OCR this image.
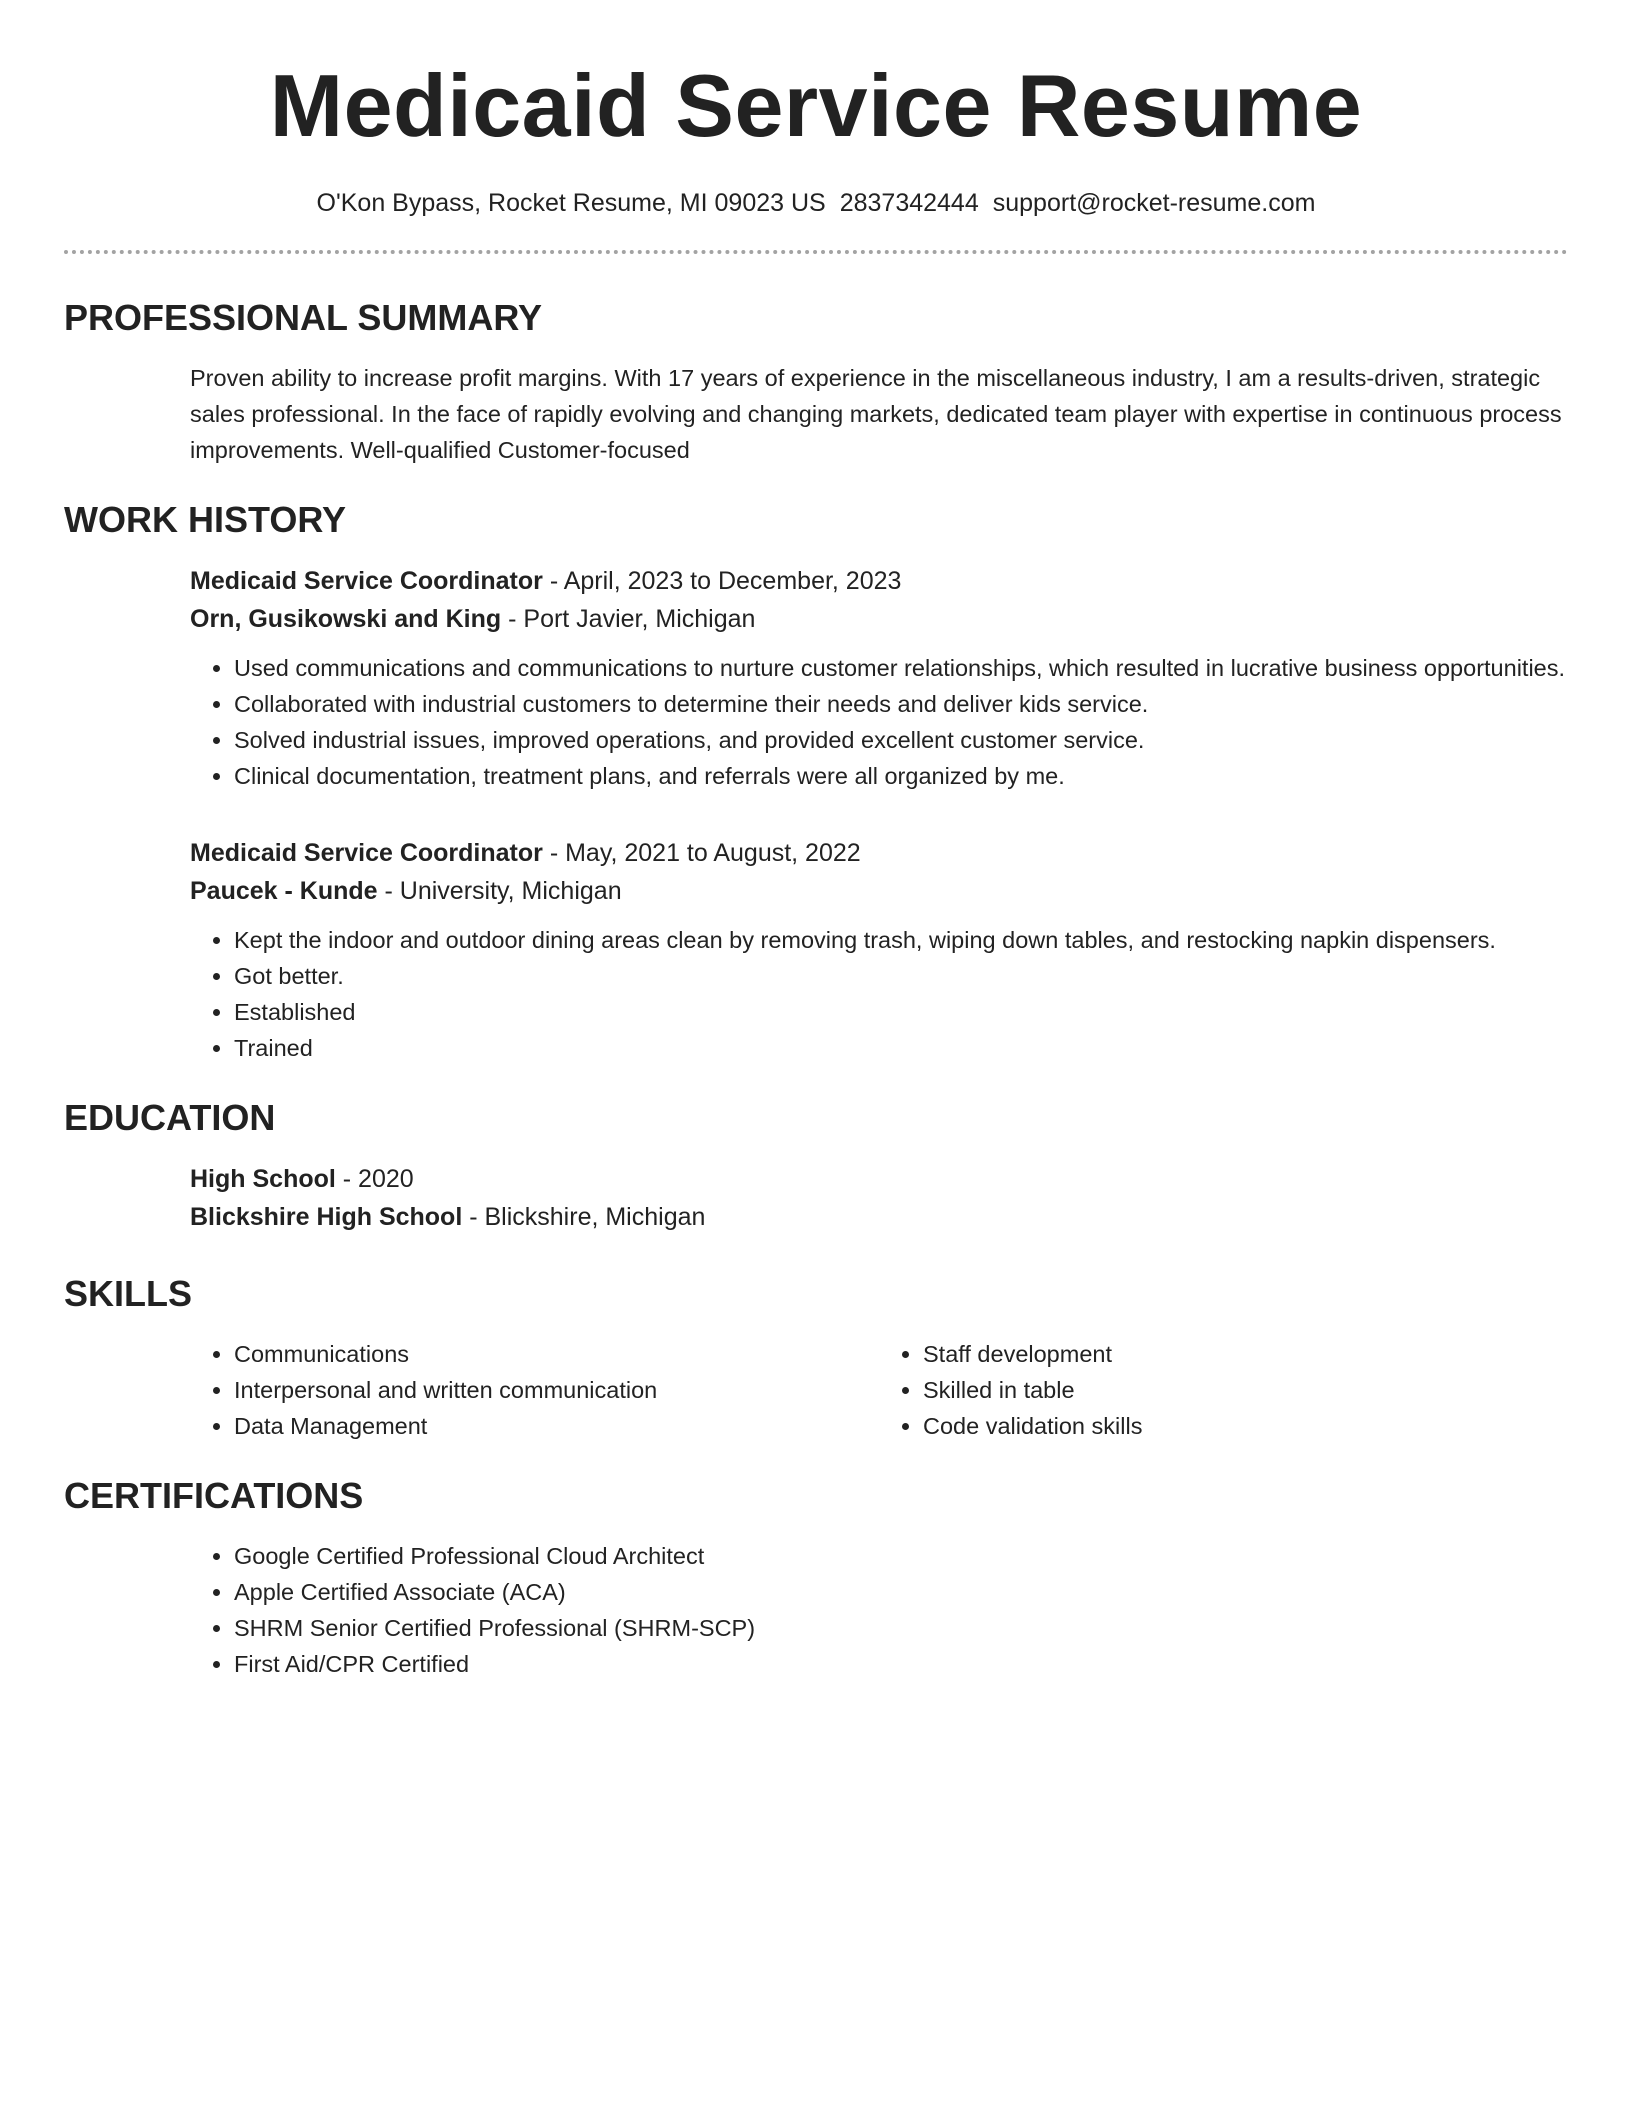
Medicaid Service Resume
O'Kon Bypass, Rocket Resume, MI 09023 US 2837342444 support@rocket-resume.com
PROFESSIONAL SUMMARY

Proven ability to increase profit margins. With 17 years of experience in the miscellaneous industry, I am a results-driven, strategic sales professional. In the face of rapidly evolving and changing markets, dedicated team player with expertise in continuous process improvements. Well-qualified Customer-focused

WORK HISTORY
Medicaid Service Coordinator - April, 2023 to December, 2023
Orn, Gusikowski and King - Port Javier, Michigan
• Used communications and communications to nurture customer relationships, which resulted in lucrative business opportunities.
• Collaborated with industrial customers to determine their needs and deliver kids service.
• Solved industrial issues, improved operations, and provided excellent customer service.
• Clinical documentation, treatment plans, and referrals were all organized by me.
Medicaid Service Coordinator - May, 2021 to August, 2022
Paucek - Kunde - University, Michigan
• Kept the indoor and outdoor dining areas clean by removing trash, wiping down tables, and restocking napkin dispensers.
• Got better.
• Established
• Trained
EDUCATION
High School - 2020
Blickshire High School - Blickshire, Michigan
SKILLS
• Communications
• Interpersonal and written communication
• Data Management
• Staff development
• Skilled in table
• Code validation skills
CERTIFICATIONS
• Google Certified Professional Cloud Architect
• Apple Certified Associate (ACA)
• SHRM Senior Certified Professional (SHRM-SCP)
• First Aid/CPR Certified
